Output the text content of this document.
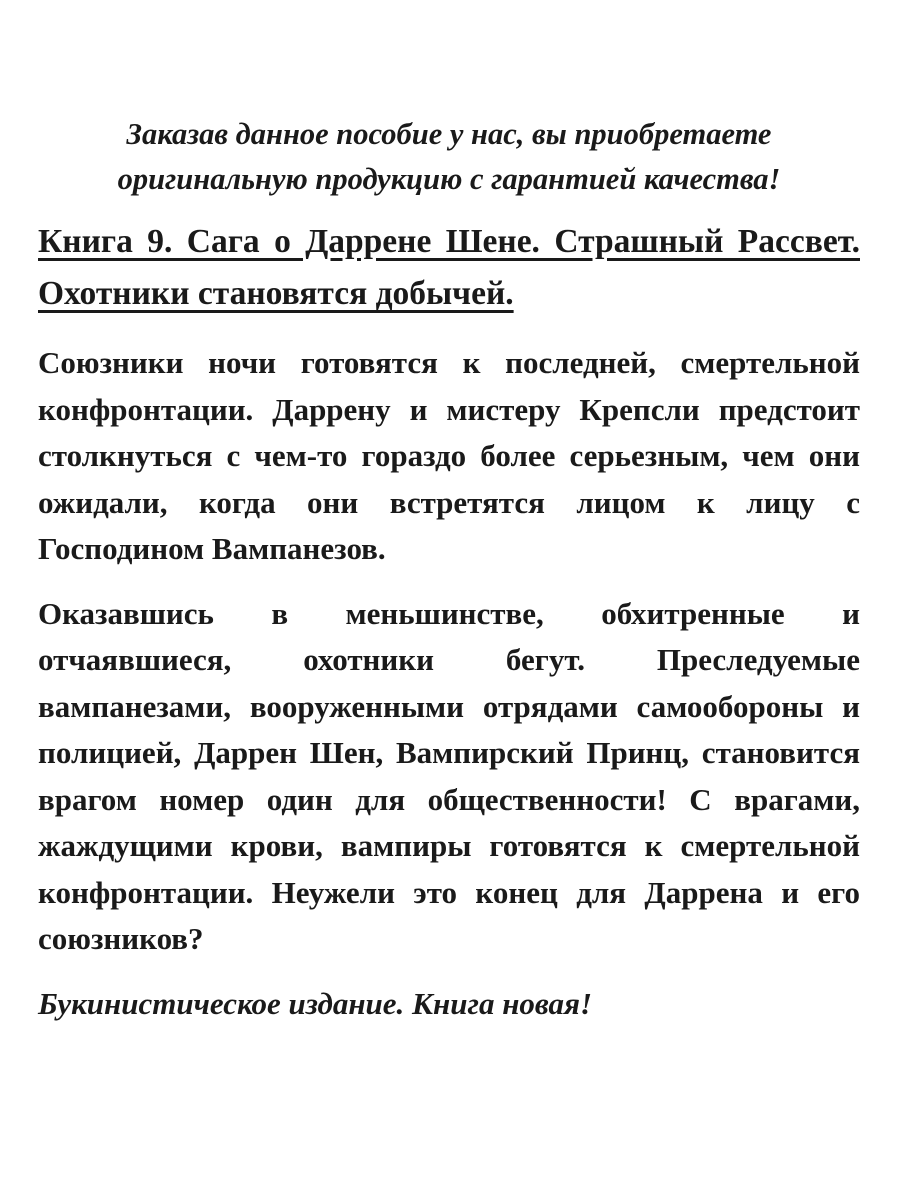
Заказав данное пособие у нас, вы приобретаете
оригинальную продукцию с гарантией качества!
Книга 9. Сага о Даррене Шене. Страшный Рассвет. Охотники становятся добычей.

Союзники ночи готовятся к последней, смертельной конфронтации. Даррену и мистеру Крепсли предстоит столкнуться с чем-то гораздо более серьезным, чем они ожидали, когда они встретятся лицом к лицу с Господином Вампанезов.

Оказавшись в меньшинстве, обхитренные и отчаявшиеся, охотники бегут. Преследуемые вампанезами, вооруженными отрядами самообороны и полицией, Даррен Шен, Вампирский Принц, становится врагом номер один для общественности! С врагами, жаждущими крови, вампиры готовятся к смертельной конфронтации. Неужели это конец для Даррена и его союзников?

Букинистическое издание. Книга новая!
